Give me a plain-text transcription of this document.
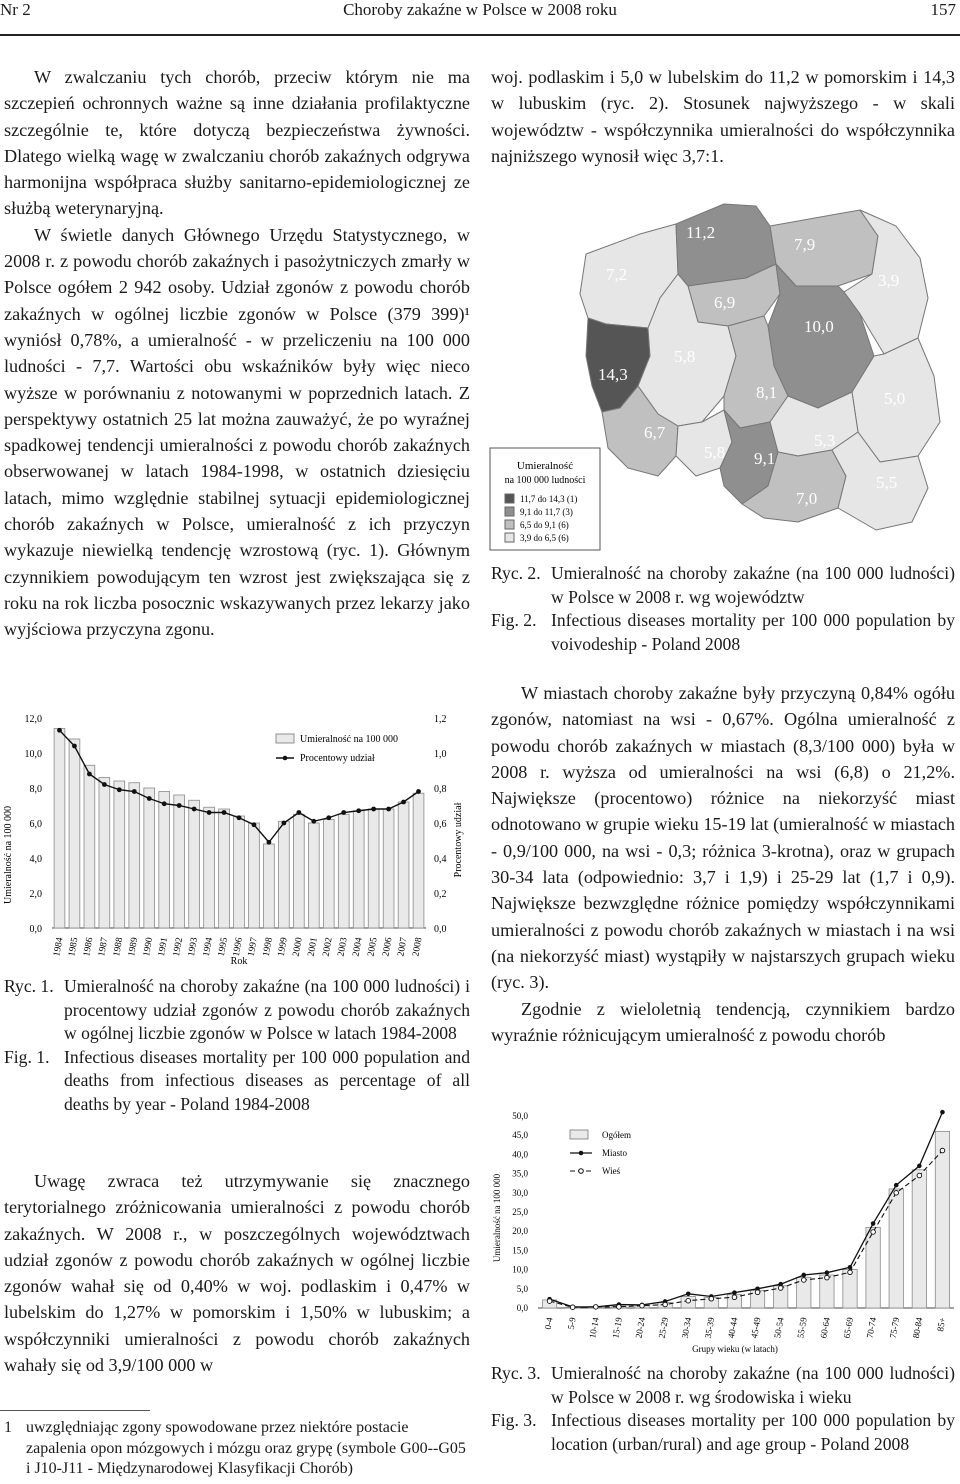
Nr 2	Choroby zakaźne w Polsce w 2008 roku	157

W zwalczaniu tych chorób, przeciw którym nie ma szczepień ochronnych ważne są inne działania profilaktyczne szczególnie te, które dotyczą bezpieczeństwa żywności. Dlatego wielką wagę w zwalczaniu chorób zakaźnych odgrywa harmonijna współpraca służby sanitarno-epidemiologicznej ze służbą weterynaryjną.

W świetle danych Głównego Urzędu Statystycznego, w 2008 r. z powodu chorób zakaźnych i pasożytniczych zmarły w Polsce ogółem 2 942 osoby. Udział zgonów z powodu chorób zakaźnych w ogólnej liczbie zgonów w Polsce (379 399)¹ wyniósł 0,78%, a umieralność - w przeliczeniu na 100 000 ludności - 7,7. Wartości obu wskaźników były więc nieco wyższe w porównaniu z notowanymi w poprzednich latach. Z perspektywy ostatnich 25 lat można zauważyć, że po wyraźnej spadkowej tendencji umieralności z powodu chorób zakaźnych obserwowanej w latach 1984-1998, w ostatnich dziesięciu latach, mimo względnie stabilnej sytuacji epidemiologicznej chorób zakaźnych w Polsce, umieralność z ich przyczyn wykazuje niewielką tendencję wzrostową (ryc. 1). Głównym czynnikiem powodującym ten wzrost jest zwiększająca się z roku na rok liczba posocznic wskazywanych przez lekarzy jako wyjściowa przyczyna zgonu.

0,0
2,0
4,0
6,0
8,0
10,0
12,0
0,0
0,2
0,4
0,6
0,8
1,0
1,2
1984 1985 1986 1987 1988 1989 1990 1991 1992 1993 1994 1995 1996 1997 1998 1999 2000 2001 2002 2003 2004 2005 2006 2007 2008
Umieralność na 100 000	Procentowy udział
Rok
Umieralność na 100 000
Procentowy udział
Ryc. 1. Umieralność na choroby zakaźne (na 100 000 ludności) i procentowy udział zgonów z powodu chorób zakaźnych w ogólnej liczbie zgonów w Polsce w latach 1984-2008
Fig. 1. Infectious diseases mortality per 100 000 population and deaths from infectious diseases as percentage of all deaths by year - Poland 1984-2008

Uwagę zwraca też utrzymywanie się znacznego terytorialnego zróżnicowania umieralności z powodu chorób zakaźnych. W 2008 r., w poszczególnych województwach udział zgonów z powodu chorób zakaźnych w ogólnej liczbie zgonów wahał się od 0,40% w woj. podlaskim i 0,47% w lubelskim do 1,27% w pomorskim i 1,50% w lubuskim; a współczynniki umieralności z powodu chorób zakaźnych wahały się od 3,9/100 000 w

1 uwzględniając zgony spowodowane przez niektóre postacie zapalenia opon mózgowych i mózgu oraz grypę (symbole G00--G05 i J10-J11 - Międzynarodowej Klasyfikacji Chorób)

woj. podlaskim i 5,0 w lubelskim do 11,2 w pomorskim i 14,3 w lubuskim (ryc. 2). Stosunek najwyższego - w skali województw - współczynnika umieralności do współczynnika najniższego wynosił więc 3,7:1.

7,2
11,2
7,9
3,9
6,9
10,0
14,3
5,8
8,1	5,0
6,7
5,8 9,1
5,3
7,0
5,5
Umieralność
na 100 000 ludności
11,7 do 14,3 (1)
9,1 do 11,7 (3)
6,5 do 9,1 (6)
3,9 do 6,5 (6)
Ryc. 2. Umieralność na choroby zakaźne (na 100 000 ludności) w Polsce w 2008 r. wg województw
Fig. 2. Infectious diseases mortality per 100 000 population by voivodeship - Poland 2008

W miastach choroby zakaźne były przyczyną 0,84% ogółu zgonów, natomiast na wsi - 0,67%. Ogólna umieralność z powodu chorób zakaźnych w miastach (8,3/100 000) była w 2008 r. wyższa od umieralności na wsi (6,8) o 21,2%. Największe (procentowo) różnice na niekorzyść miast odnotowano w grupie wieku 15-19 lat (umieralność w miastach - 0,9/100 000, na wsi - 0,3; różnica 3-krotna), oraz w grupach 30-34 lata (odpowiednio: 3,7 i 1,9) i 25-29 lat (1,7 i 0,9). Największe bezwzględne różnice pomiędzy współczynnikami umieralności z powodu chorób zakaźnych w miastach i na wsi (na niekorzyść miast) wystąpiły w najstarszych grupach wieku (ryc. 3).

Zgodnie z wieloletnią tendencją, czynnikiem bardzo wyraźnie różnicującym umieralność z powodu chorób

0,0
5,0
10,0
15,0
20,0
25,0
30,0
35,0
40,0
45,0
50,0
0-4 5-9 10-14 15-19 20-24 25-29 30-34 35-39 40-44 45-49 50-54 55-59 60-64 65-69 70-74 75-79 80-84 85+
Umieralność na 100 000
Grupy wieku (w latach)
Ogółem
Miasto
Wieś
Ryc. 3. Umieralność na choroby zakaźne (na 100 000 ludności) w Polsce w 2008 r. wg środowiska i wieku
Fig. 3. Infectious diseases mortality per 100 000 population by location (urban/rural) and age group - Poland 2008
